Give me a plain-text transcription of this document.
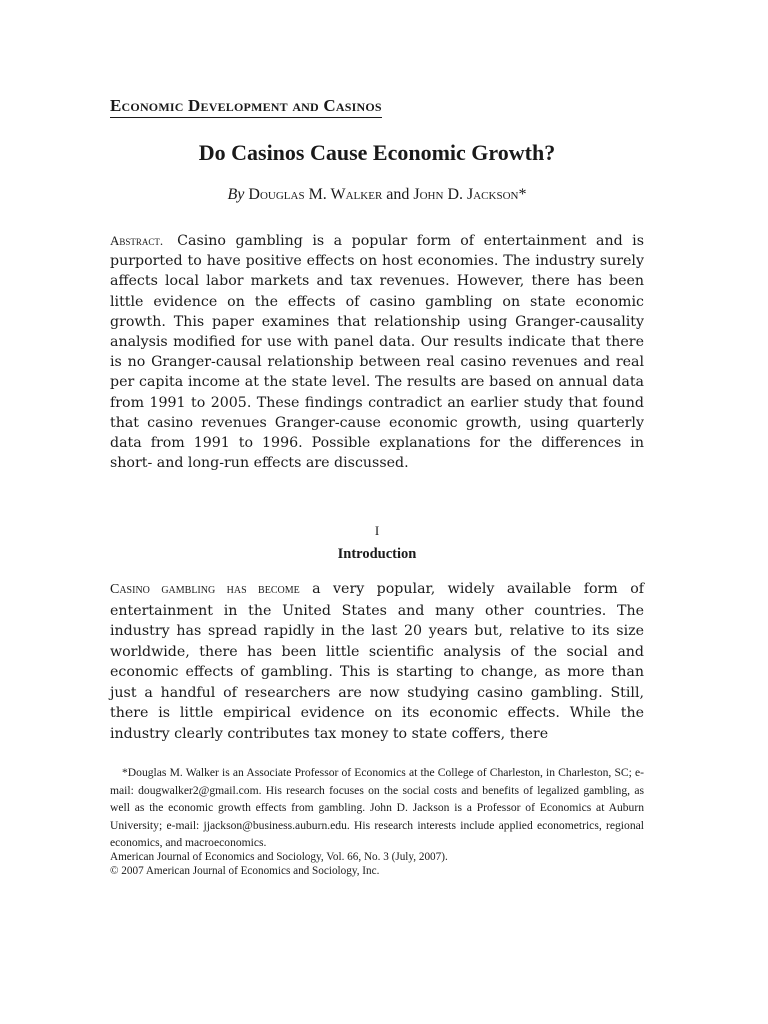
Economic Development and Casinos
Do Casinos Cause Economic Growth?
By Douglas M. Walker and John D. Jackson*
Abstract. Casino gambling is a popular form of entertainment and is purported to have positive effects on host economies. The industry surely affects local labor markets and tax revenues. However, there has been little evidence on the effects of casino gambling on state economic growth. This paper examines that relationship using Granger-causality analysis modified for use with panel data. Our results indicate that there is no Granger-causal relationship between real casino revenues and real per capita income at the state level. The results are based on annual data from 1991 to 2005. These findings contradict an earlier study that found that casino revenues Granger-cause economic growth, using quarterly data from 1991 to 1996. Possible explanations for the differences in short- and long-run effects are discussed.
I
Introduction
Casino gambling has become a very popular, widely available form of entertainment in the United States and many other countries. The industry has spread rapidly in the last 20 years but, relative to its size worldwide, there has been little scientific analysis of the social and economic effects of gambling. This is starting to change, as more than just a handful of researchers are now studying casino gambling. Still, there is little empirical evidence on its economic effects. While the industry clearly contributes tax money to state coffers, there
*Douglas M. Walker is an Associate Professor of Economics at the College of Charleston, in Charleston, SC; e-mail: dougwalker2@gmail.com. His research focuses on the social costs and benefits of legalized gambling, as well as the economic growth effects from gambling. John D. Jackson is a Professor of Economics at Auburn University; e-mail: jjackson@business.auburn.edu. His research interests include applied econometrics, regional economics, and macroeconomics.
American Journal of Economics and Sociology, Vol. 66, No. 3 (July, 2007).
© 2007 American Journal of Economics and Sociology, Inc.
